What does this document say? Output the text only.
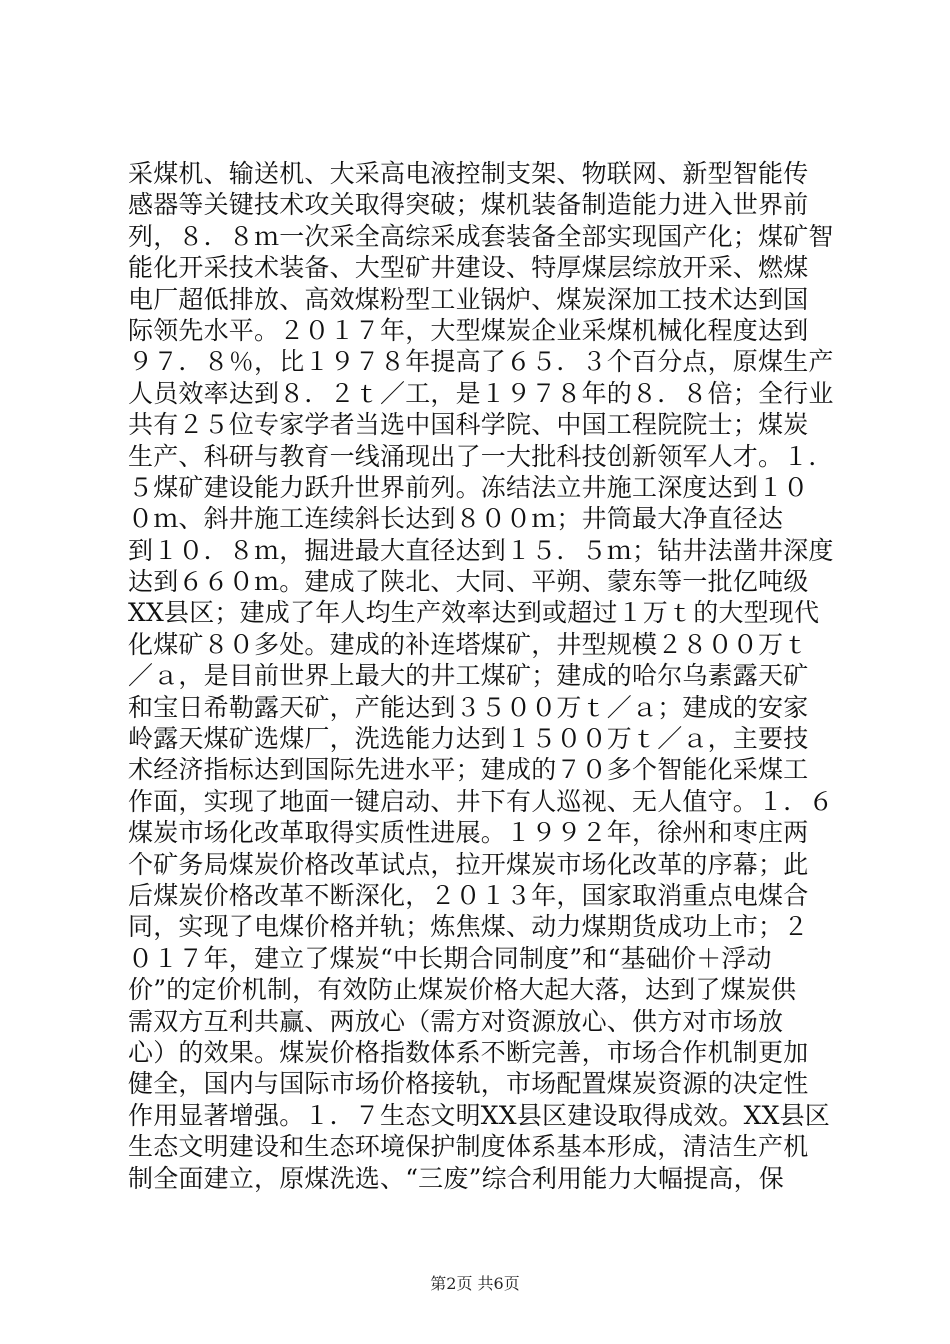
采煤机、输送机、大采高电液控制支架、物联网、新型智能传
感器等关键技术攻关取得突破；煤机装备制造能力进入世界前
列，８．８ｍ一次采全高综采成套装备全部实现国产化；煤矿智
能化开采技术装备、大型矿井建设、特厚煤层综放开采、燃煤
电厂超低排放、高效煤粉型工业锅炉、煤炭深加工技术达到国
际领先水平。２０１７年，大型煤炭企业采煤机械化程度达到
９７．８％，比１９７８年提高了６５．３个百分点，原煤生产
人员效率达到８．２ｔ／工，是１９７８年的８．８倍；全行业
共有２５位专家学者当选中国科学院、中国工程院院士；煤炭
生产、科研与教育一线涌现出了一大批科技创新领军人才。１．
５煤矿建设能力跃升世界前列。冻结法立井施工深度达到１０
０ｍ、斜井施工连续斜长达到８００ｍ；井筒最大净直径达
到１０．８ｍ，掘进最大直径达到１５．５ｍ；钻井法凿井深度
达到６６０ｍ。建成了陕北、大同、平朔、蒙东等一批亿吨级
XX县区；建成了年人均生产效率达到或超过１万ｔ的大型现代
化煤矿８０多处。建成的补连塔煤矿，井型规模２８００万ｔ
／ａ，是目前世界上最大的井工煤矿；建成的哈尔乌素露天矿
和宝日希勒露天矿，产能达到３５００万ｔ／ａ；建成的安家
岭露天煤矿选煤厂，洗选能力达到１５００万ｔ／ａ，主要技
术经济指标达到国际先进水平；建成的７０多个智能化采煤工
作面，实现了地面一键启动、井下有人巡视、无人值守。１．６
煤炭市场化改革取得实质性进展。１９９２年，徐州和枣庄两
个矿务局煤炭价格改革试点，拉开煤炭市场化改革的序幕；此
后煤炭价格改革不断深化，２０１３年，国家取消重点电煤合
同，实现了电煤价格并轨；炼焦煤、动力煤期货成功上市；２
０１７年，建立了煤炭“中长期合同制度”和“基础价＋浮动
价”的定价机制，有效防止煤炭价格大起大落，达到了煤炭供
需双方互利共赢、两放心（需方对资源放心、供方对市场放
心）的效果。煤炭价格指数体系不断完善，市场合作机制更加
健全，国内与国际市场价格接轨，市场配置煤炭资源的决定性
作用显著增强。１．７生态文明XX县区建设取得成效。XX县区
生态文明建设和生态环境保护制度体系基本形成，清洁生产机
制全面建立，原煤洗选、“三废”综合利用能力大幅提高，保
第2页 共6页
